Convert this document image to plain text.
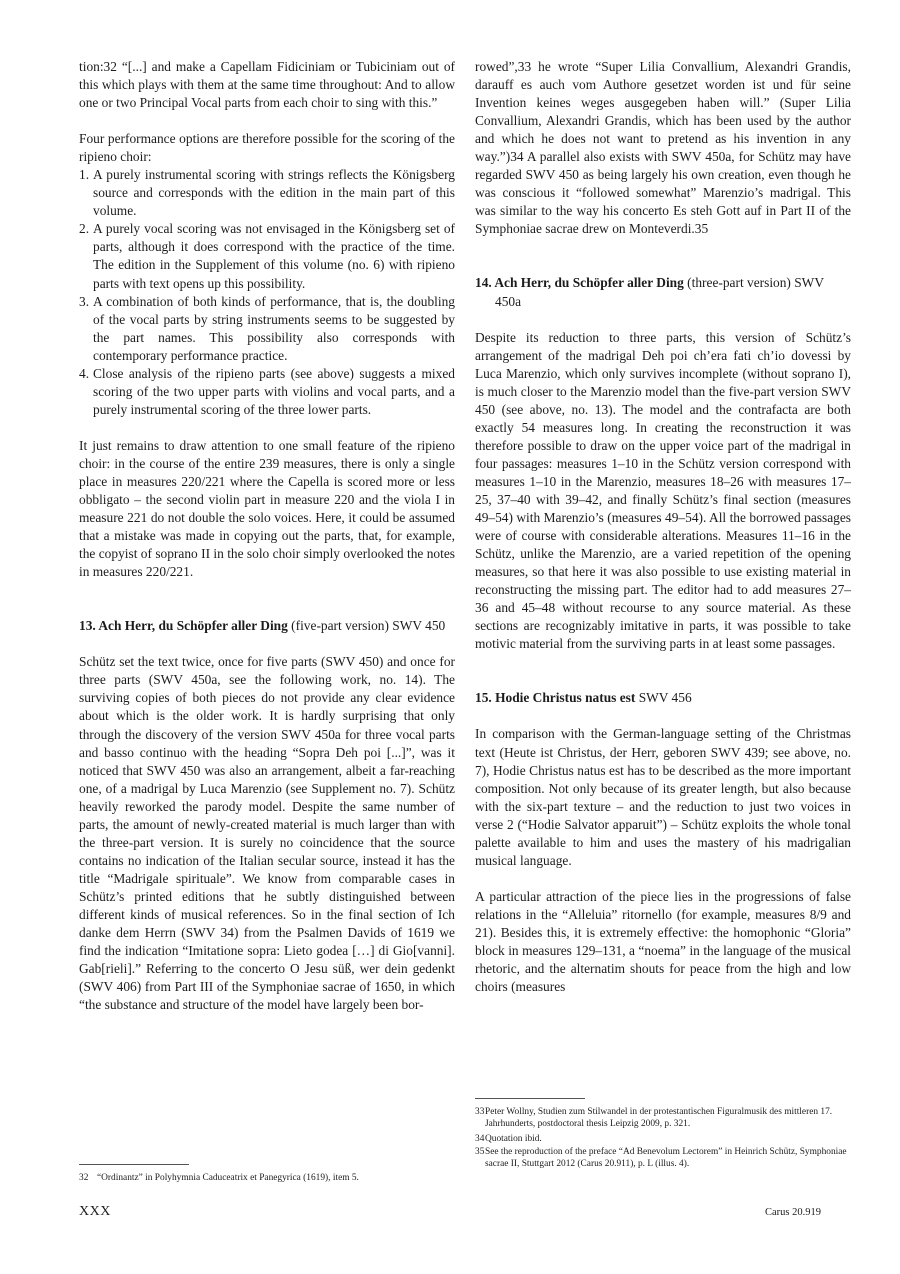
tion:32 “[...] and make a Capellam Fidiciniam or Tubiciniam out of this which plays with them at the same time throughout: And to allow one or two Principal Vocal parts from each choir to sing with this.”

Four performance options are therefore possible for the scoring of the ripieno choir:

1. A purely instrumental scoring with strings reflects the Königsberg source and corresponds with the edition in the main part of this volume.
2. A purely vocal scoring was not envisaged in the Königsberg set of parts, although it does correspond with the practice of the time. The edition in the Supplement of this volume (no. 6) with ripieno parts with text opens up this possibility.
3. A combination of both kinds of performance, that is, the doubling of the vocal parts by string instruments seems to be suggested by the part names. This possibility also corresponds with contemporary performance practice.
4. Close analysis of the ripieno parts (see above) suggests a mixed scoring of the two upper parts with violins and vocal parts, and a purely instrumental scoring of the three lower parts.

It just remains to draw attention to one small feature of the ripieno choir: in the course of the entire 239 measures, there is only a single place in measures 220/221 where the Capella is scored more or less obbligato – the second violin part in measure 220 and the viola I in measure 221 do not double the solo voices. Here, it could be assumed that a mistake was made in copying out the parts, that, for example, the copyist of soprano II in the solo choir simply overlooked the notes in measures 220/221.

13. Ach Herr, du Schöpfer aller Ding (five-part version) SWV 450

Schütz set the text twice, once for five parts (SWV 450) and once for three parts (SWV 450a, see the following work, no. 14). The surviving copies of both pieces do not provide any clear evidence about which is the older work. It is hardly surprising that only through the discovery of the version SWV 450a for three vocal parts and basso continuo with the heading “Sopra Deh poi [...]”, was it noticed that SWV 450 was also an arrangement, albeit a far-reaching one, of a madrigal by Luca Marenzio (see Supplement no. 7). Schütz heavily reworked the parody model. Despite the same number of parts, the amount of newly-created material is much larger than with the three-part version. It is surely no coincidence that the source contains no indication of the Italian secular source, instead it has the title “Madrigale spirituale”. We know from comparable cases in Schütz’s printed editions that he subtly distinguished between different kinds of musical references. So in the final section of Ich danke dem Herrn (SWV 34) from the Psalmen Davids of 1619 we find the indication “Imitatione sopra: Lieto godea […] di Gio[vanni]. Gab[rieli].” Referring to the concerto O Jesu süß, wer dein gedenkt (SWV 406) from Part III of the Symphoniae sacrae of 1650, in which “the substance and structure of the model have largely been bor-

rowed”,33 he wrote “Super Lilia Convallium, Alexandri Grandis, darauff es auch vom Authore gesetzet worden ist und für seine Invention keines weges ausgegeben haben will.” (Super Lilia Convallium, Alexandri Grandis, which has been used by the author and which he does not want to pretend as his invention in any way.”)34 A parallel also exists with SWV 450a, for Schütz may have regarded SWV 450 as being largely his own creation, even though he was conscious it “followed somewhat” Marenzio’s madrigal. This was similar to the way his concerto Es steh Gott auf in Part II of the Symphoniae sacrae drew on Monteverdi.35

14. Ach Herr, du Schöpfer aller Ding (three-part version) SWV 450a

Despite its reduction to three parts, this version of Schütz’s arrangement of the madrigal Deh poi ch’era fati ch’io dovessi by Luca Marenzio, which only survives incomplete (without soprano I), is much closer to the Marenzio model than the five-part version SWV 450 (see above, no. 13). The model and the contrafacta are both exactly 54 measures long. In creating the reconstruction it was therefore possible to draw on the upper voice part of the madrigal in four passages: measures 1–10 in the Schütz version correspond with measures 1–10 in the Marenzio, measures 18–26 with measures 17–25, 37–40 with 39–42, and finally Schütz’s final section (measures 49–54) with Marenzio’s (measures 49–54). All the borrowed passages were of course with considerable alterations. Measures 11–16 in the Schütz, unlike the Marenzio, are a varied repetition of the opening measures, so that here it was also possible to use existing material in reconstructing the missing part. The editor had to add measures 27–36 and 45–48 without recourse to any source material. As these sections are recognizably imitative in parts, it was possible to take motivic material from the surviving parts in at least some passages.

15. Hodie Christus natus est SWV 456

In comparison with the German-language setting of the Christmas text (Heute ist Christus, der Herr, geboren SWV 439; see above, no. 7), Hodie Christus natus est has to be described as the more important composition. Not only because of its greater length, but also because with the six-part texture – and the reduction to just two voices in verse 2 (“Hodie Salvator apparuit”) – Schütz exploits the whole tonal palette available to him and uses the mastery of his madrigalian musical language.

A particular attraction of the piece lies in the progressions of false relations in the “Alleluia” ritornello (for example, measures 8/9 and 21). Besides this, it is extremely effective: the homophonic “Gloria” block in measures 129–131, a “noema” in the language of the musical rhetoric, and the alternatim shouts for peace from the high and low choirs (measures

32 “Ordinantz” in Polyhymnia Caduceatrix et Panegyrica (1619), item 5.
33 Peter Wollny, Studien zum Stilwandel in der protestantischen Figuralmusik des mittleren 17. Jahrhunderts, postdoctoral thesis Leipzig 2009, p. 321.
34 Quotation ibid.
35 See the reproduction of the preface “Ad Benevolum Lectorem” in Heinrich Schütz, Symphoniae sacrae II, Stuttgart 2012 (Carus 20.911), p. L (illus. 4).
XXX	Carus 20.919
